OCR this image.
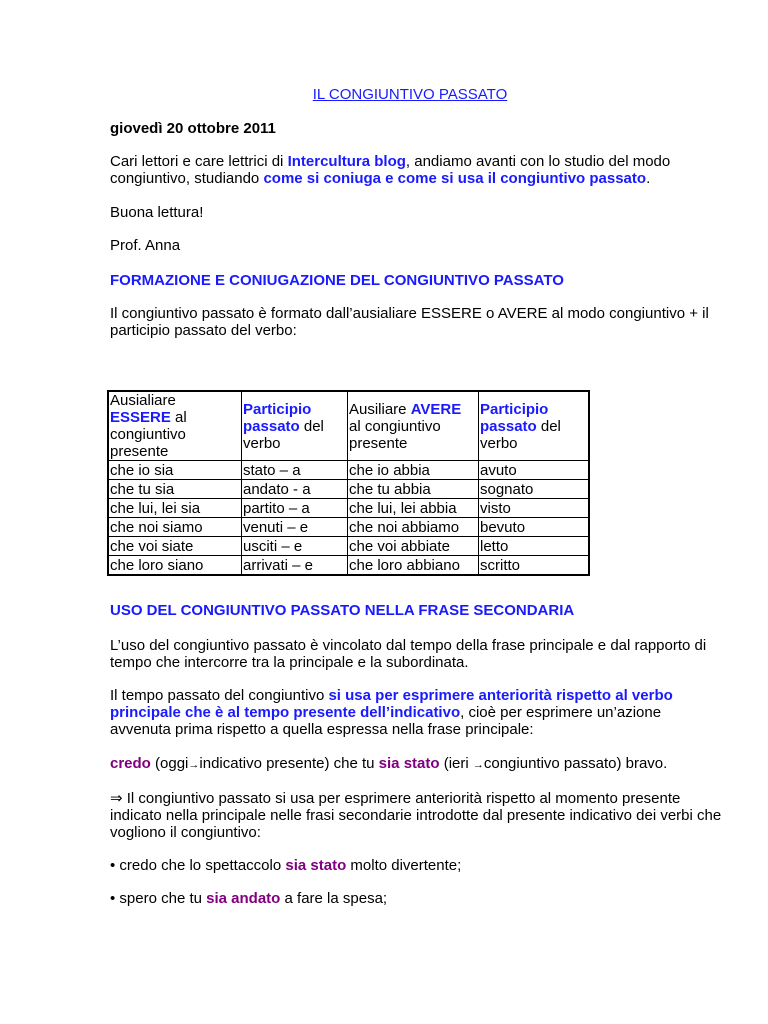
IL CONGIUNTIVO PASSATO
giovedì 20 ottobre 2011
Cari lettori e care lettrici di Intercultura blog, andiamo avanti con lo studio del modo congiuntivo, studiando come si coniuga e come si usa il congiuntivo passato.
Buona lettura!
Prof. Anna
FORMAZIONE E CONIUGAZIONE DEL CONGIUNTIVO PASSATO
Il congiuntivo passato è formato dall’ausialiare ESSERE o AVERE al modo congiuntivo + il participio passato del verbo:
Ausialiare ESSERE al congiuntivo presente	Participio passato del verbo	Ausiliare AVERE al congiuntivo presente	Participio passato del verbo
che io sia	stato – a	che io abbia	avuto
che tu sia	andato - a	che tu abbia	sognato
che lui, lei sia	partito – a	che lui, lei abbia	visto
che noi siamo	venuti – e	che noi abbiamo	bevuto
che voi siate	usciti – e	che voi abbiate	letto
che loro siano	arrivati – e	che loro abbiano	scritto
USO DEL CONGIUNTIVO PASSATO NELLA FRASE SECONDARIA
L’uso del congiuntivo passato è vincolato dal tempo della frase principale e dal rapporto di tempo che intercorre tra la principale e la subordinata.
Il tempo passato del congiuntivo si usa per esprimere anteriorità rispetto al verbo principale che è al tempo presente dell’indicativo, cioè per esprimere un’azione avvenuta prima rispetto a quella espressa nella frase principale:
credo (oggi→indicativo presente) che tu sia stato (ieri →congiuntivo passato) bravo.
⇒ Il congiuntivo passato si usa per esprimere anteriorità rispetto al momento presente indicato nella principale nelle frasi secondarie introdotte dal presente indicativo dei verbi che vogliono il congiuntivo:
• credo che lo spettaccolo sia stato molto divertente;
• spero che tu sia andato a fare la spesa;
